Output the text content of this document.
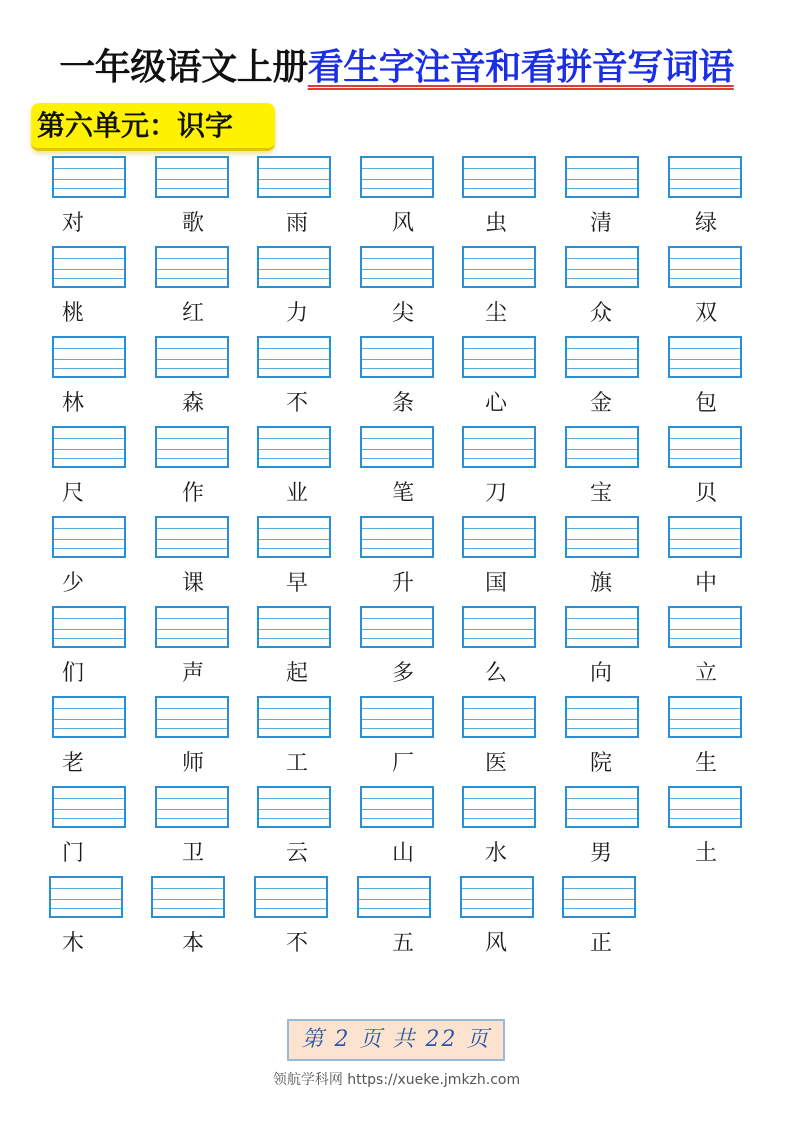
一年级语文上册看生字注音和看拼音写词语
第六单元：识字
对	歌	雨	风	虫	清	绿
桃	红	力	尖	尘	众	双
林	森	不	条	心	金	包
尺	作	业	笔	刀	宝	贝
少	课	早	升	国	旗	中
们	声	起	多	么	向	立
老	师	工	厂	医	院	生
门	卫	云	山	水	男	土
木	本	不	五	风	正
第 2 页 共 22 页
领航学科网 https://xueke.jmkzh.com
